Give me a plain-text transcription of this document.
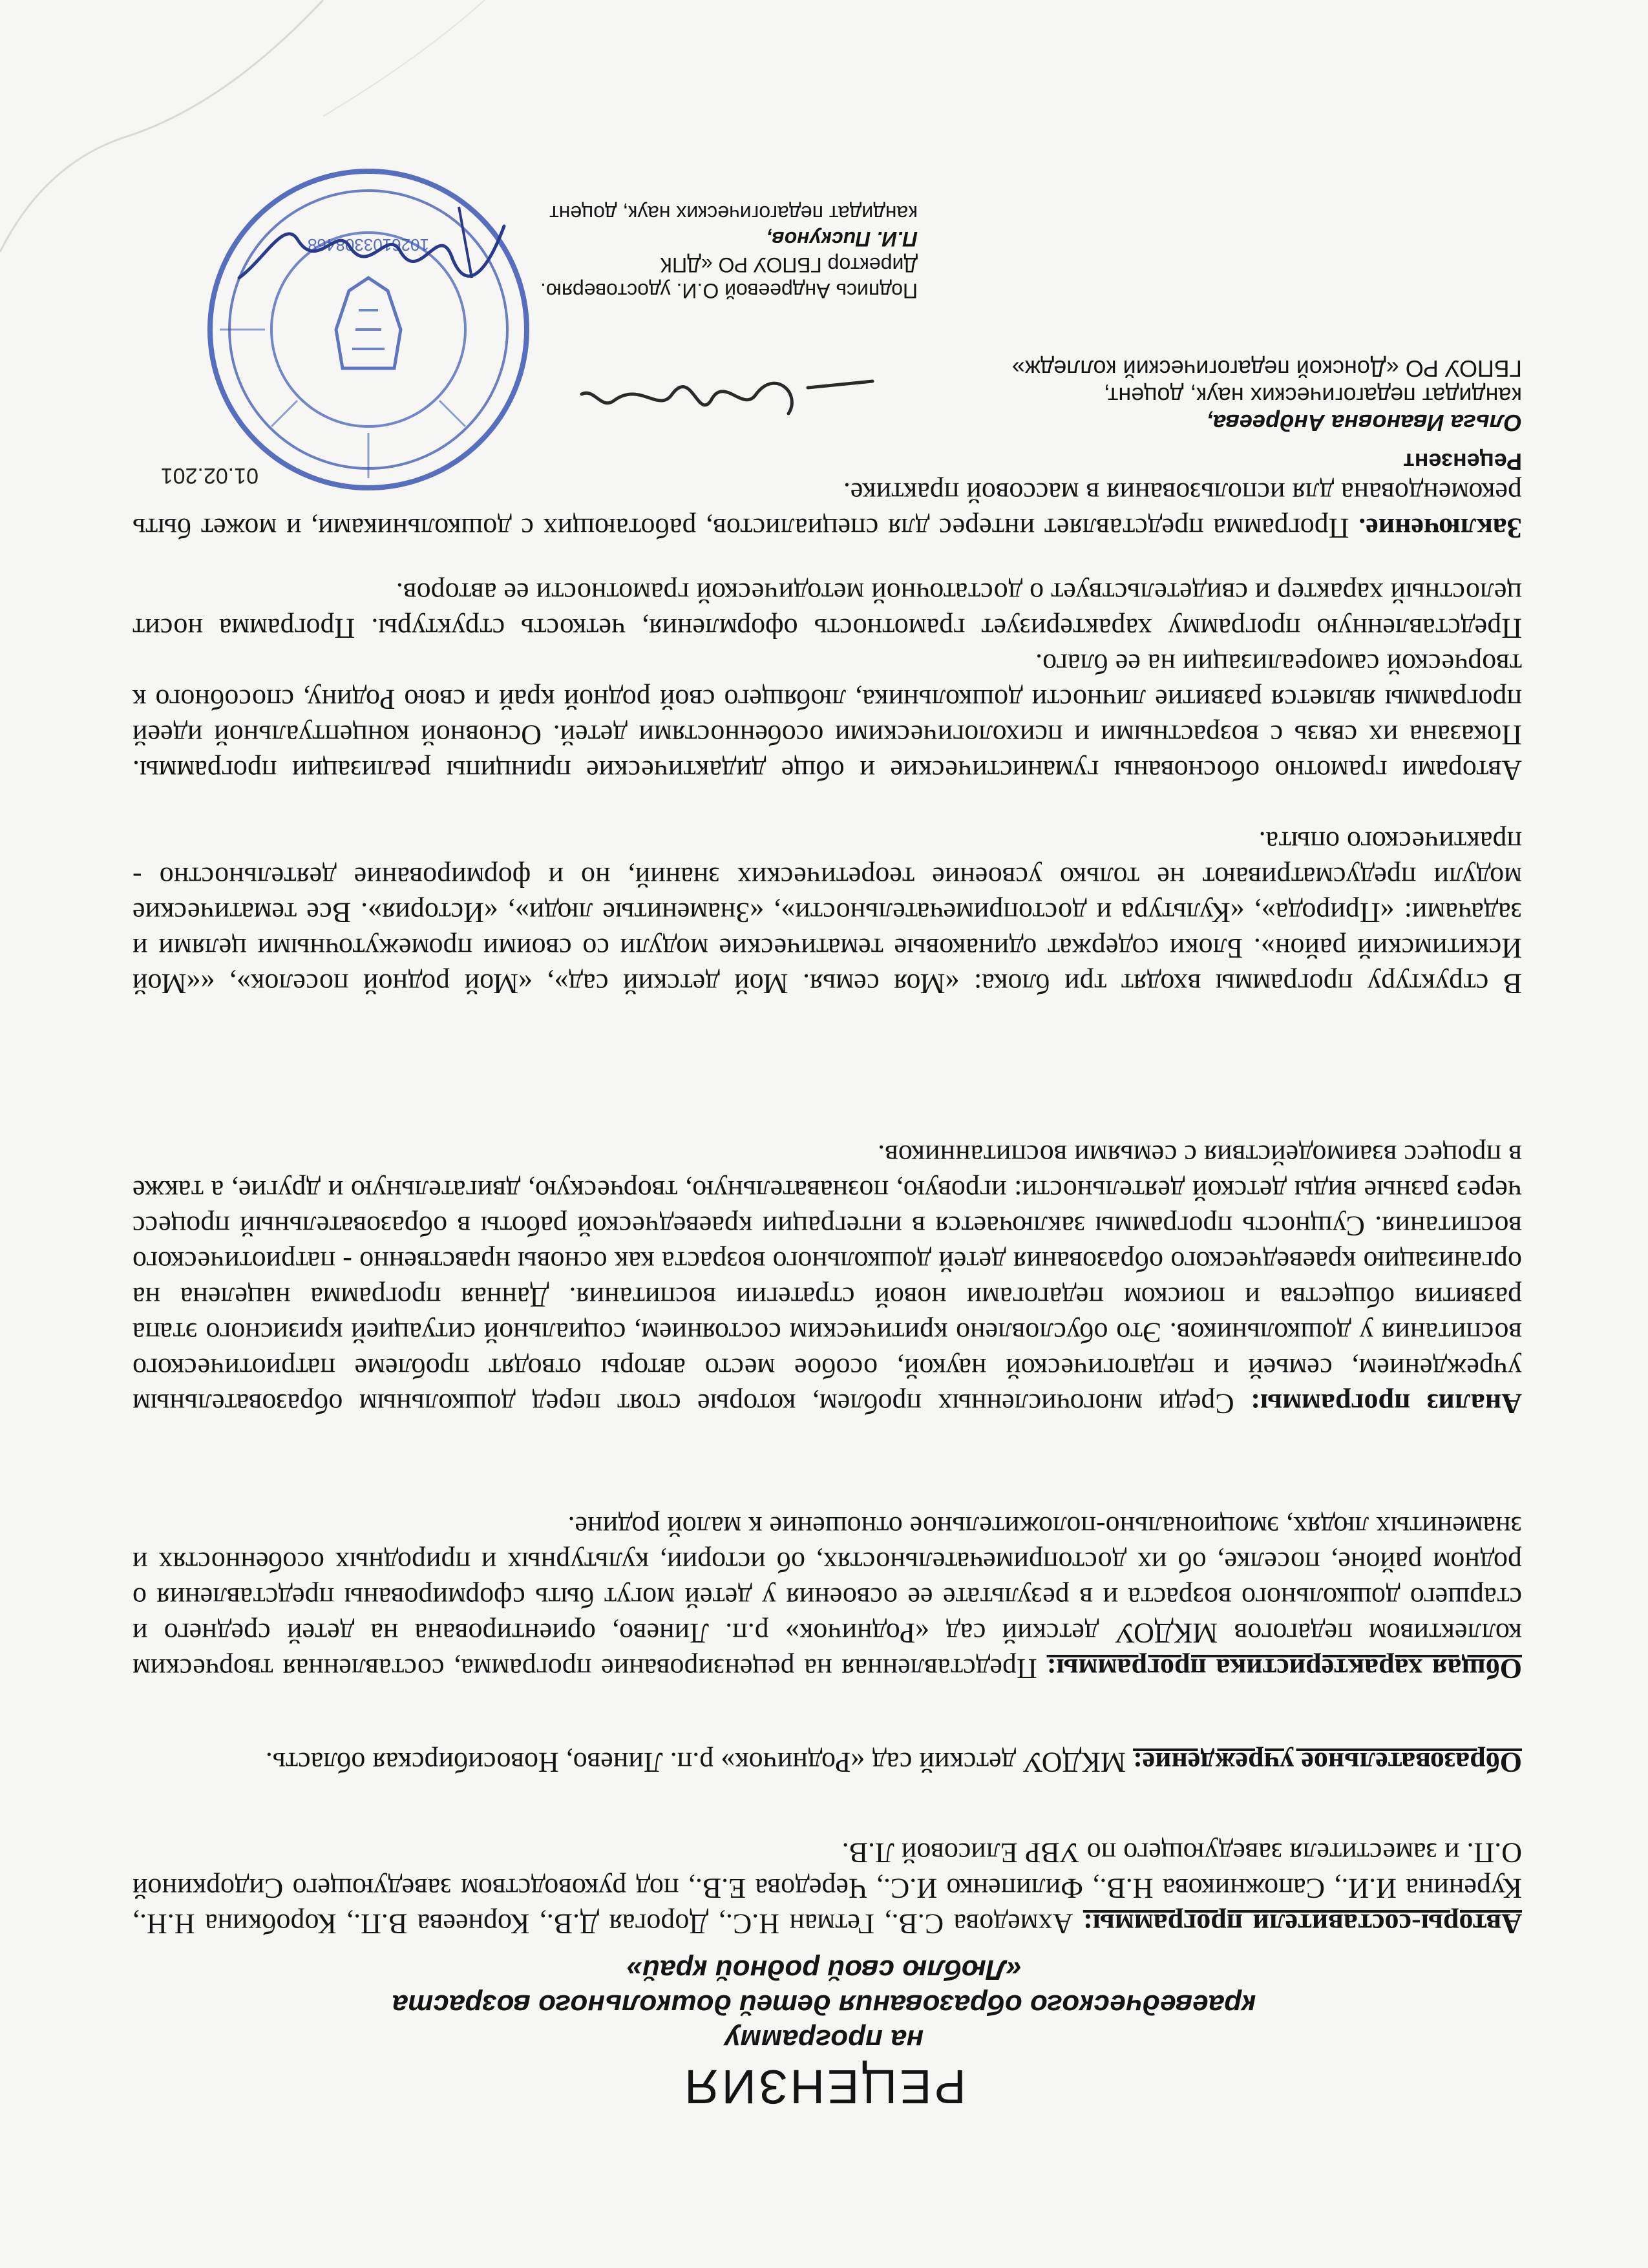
РЕЦЕНЗИЯ
на программу
краеведческого образования детей дошкольного возраста
«Люблю свой родной край»

Авторы-составители программы: Ахмедова С.В., Гетман Н.С., Дорогая Д.В., Корнеева В.П., Коробкина Н.Н., Куренина И.И., Сапожникова Н.В., Филипенко И.С., Чередова Е.В., под руководством заведующего Сидоркиной О.П. и заместителя заведующего по УВР Елисовой Л.В.

Образовательное учреждение: МКДОУ детский сад «Родничок» р.п. Линево, Новосибирская область.

Общая характеристика программы: Представленная на рецензирование программа, составленная творческим коллективом педагогов МКДОУ детский сад «Родничок» р.п. Линево, ориентирована на детей среднего и старшего дошкольного возраста и в результате ее освоения у детей могут быть сформированы представления о родном районе, поселке, об их достопримечательностях, об истории, культурных и природных особенностях и знаменитых людях, эмоционально-положительное отношение к малой родине.

Анализ программы: Среди многочисленных проблем, которые стоят перед дошкольным образовательным учреждением, семьей и педагогической наукой, особое место авторы отводят проблеме патриотического воспитания у дошкольников. Это обусловлено критическим состоянием, социальной ситуацией кризисного этапа развития общества и поиском педагогами новой стратегии воспитания. Данная программа нацелена на организацию краеведческого образования детей дошкольного возраста как основы нравственно - патриотического воспитания. Сущность программы заключается в интеграции краеведческой работы в образовательный процесс через разные виды детской деятельности: игровую, познавательную, творческую, двигательную и другие, а также в процесс взаимодействия с семьями воспитанников.

В структуру программы входят три блока: «Моя семья. Мой детский сад», «Мой родной поселок», ««Мой Искитимский район». Блоки содержат одинаковые тематические модули со своими промежуточными целями и задачами: «Природа», «Культура и достопримечательности», «Знаменитые люди», «История». Все тематические модули предусматривают не только усвоение теоретических знаний, но и формирование деятельностно - практического опыта.

Авторами грамотно обоснованы гуманистические и обще дидактические принципы реализации программы. Показана их связь с возрастными и психологическими особенностями детей. Основной концептуальной идеей программы является развитие личности дошкольника, любящего свой родной край и свою Родину, способного к творческой самореализации на ее благо.

Представленную программу характеризует грамотность оформления, четкость структуры. Программа носит целостный характер и свидетельствует о достаточной методической грамотности ее авторов.

Заключение. Программа представляет интерес для специалистов, работающих с дошкольниками, и может быть рекомендована для использования в массовой практике.

Рецензент
Ольга Ивановна Андреева,
кандидат педагогических наук, доцент,
ГБПОУ РО «Донской педагогический колледж»
01.02.201
Подпись Андреевой О.И. удостоверяю.
Директор ГБПОУ РО «ДПК
П.И. Пискунов,
кандидат педагогических наук, доцент
1026103308468
